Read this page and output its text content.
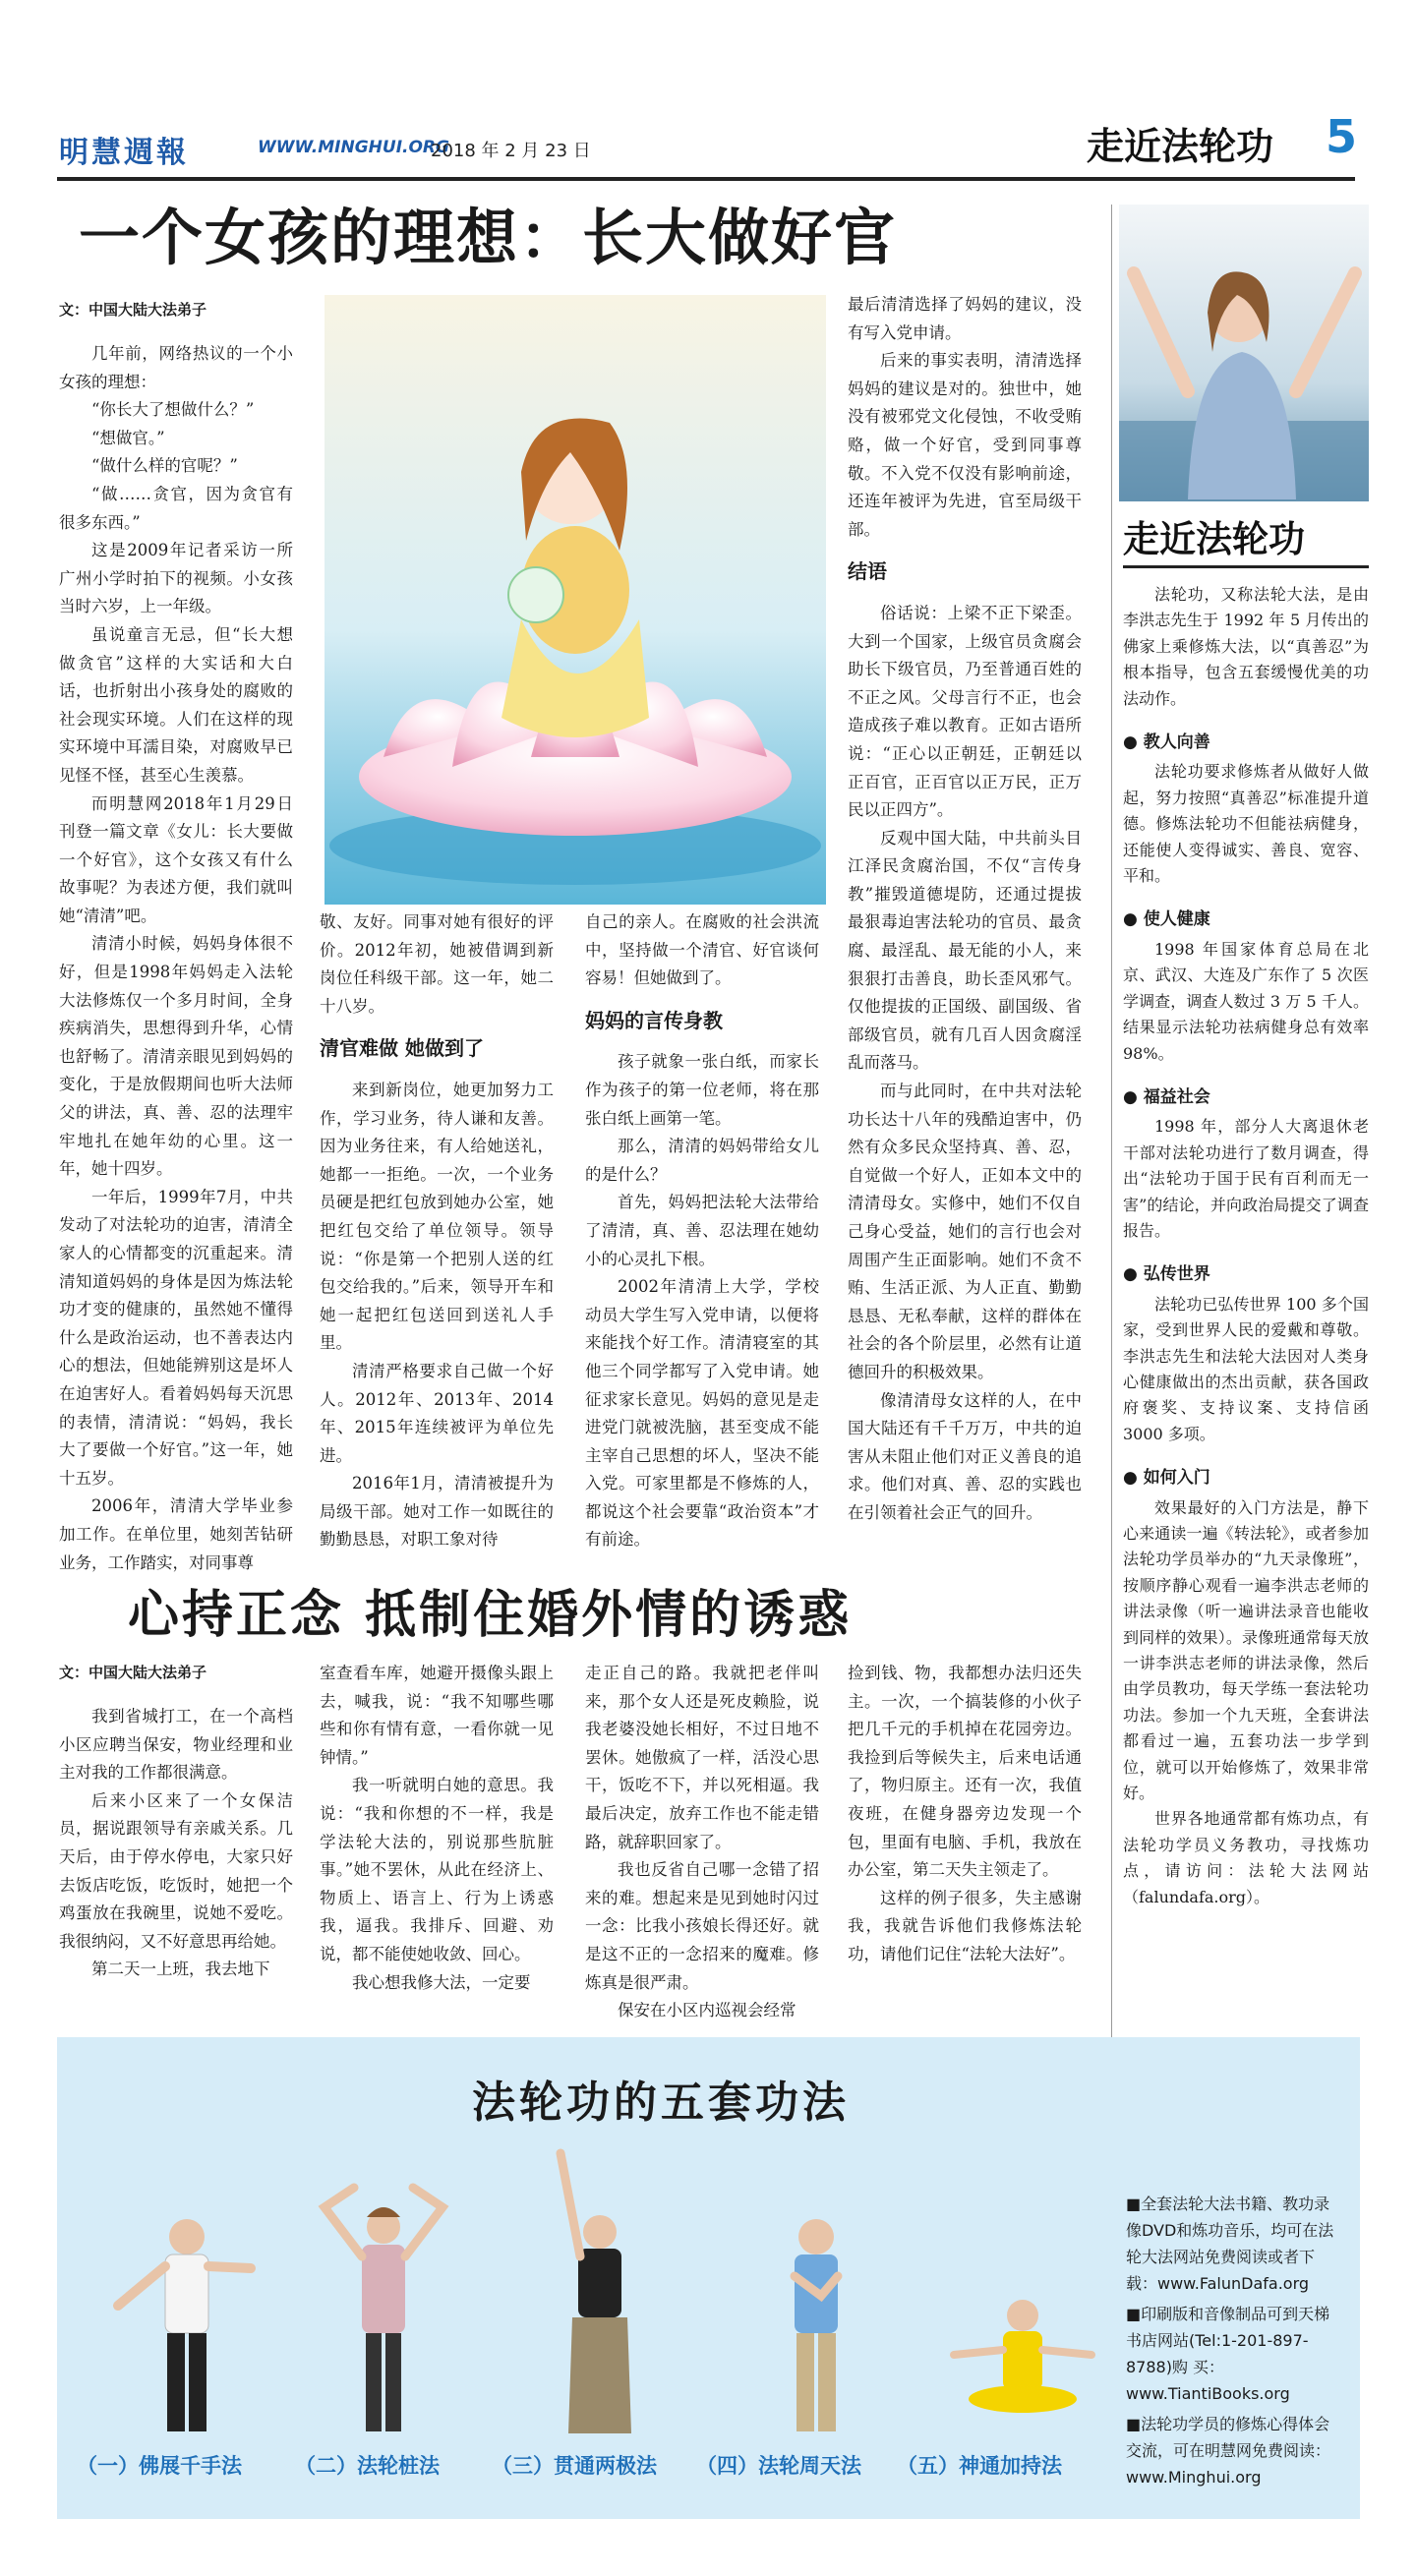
明慧週報	WWW.MINGHUI.ORG
2018 年 2 月 23 日	走近法轮功 5
一个女孩的理想：长大做好官
文：中国大陆大法弟子

几年前，网络热议的一个小女孩的理想：

“你长大了想做什么？”

“想做官。”

“做什么样的官呢？”

“做……贪官，因为贪官有很多东西。”

这是2009年记者采访一所广州小学时拍下的视频。小女孩当时六岁，上一年级。

虽说童言无忌，但“长大想做贪官”这样的大实话和大白话，也折射出小孩身处的腐败的社会现实环境。人们在这样的现实环境中耳濡目染，对腐败早已见怪不怪，甚至心生羡慕。

而明慧网2018年1月29日刊登一篇文章《女儿：长大要做一个好官》，这个女孩又有什么故事呢？为表述方便，我们就叫她“清清”吧。

清清小时候，妈妈身体很不好，但是1998年妈妈走入法轮大法修炼仅一个多月时间，全身疾病消失，思想得到升华，心情也舒畅了。清清亲眼见到妈妈的变化，于是放假期间也听大法师父的讲法，真、善、忍的法理牢牢地扎在她年幼的心里。这一年，她十四岁。

一年后，1999年7月，中共发动了对法轮功的迫害，清清全家人的心情都变的沉重起来。清清知道妈妈的身体是因为炼法轮功才变的健康的，虽然她不懂得什么是政治运动，也不善表达内心的想法，但她能辨别这是坏人在迫害好人。看着妈妈每天沉思的表情，清清说：“妈妈，我长大了要做一个好官。”这一年，她十五岁。

2006年，清清大学毕业参加工作。在单位里，她刻苦钻研业务，工作踏实，对同事尊

敬、友好。同事对她有很好的评价。2012年初，她被借调到新岗位任科级干部。这一年，她二十八岁。

清官难做 她做到了

来到新岗位，她更加努力工作，学习业务，待人谦和友善。因为业务往来，有人给她送礼，她都一一拒绝。一次，一个业务员硬是把红包放到她办公室，她把红包交给了单位领导。领导说：“你是第一个把别人送的红包交给我的。”后来，领导开车和她一起把红包送回到送礼人手里。

清清严格要求自己做一个好人。2012年、2013年、2014年、2015年连续被评为单位先进。

2016年1月，清清被提升为局级干部。她对工作一如既往的勤勤恳恳，对职工象对待

自己的亲人。在腐败的社会洪流中，坚持做一个清官、好官谈何容易！但她做到了。

妈妈的言传身教

孩子就象一张白纸，而家长作为孩子的第一位老师，将在那张白纸上画第一笔。

那么，清清的妈妈带给女儿的是什么？

首先，妈妈把法轮大法带给了清清，真、善、忍法理在她幼小的心灵扎下根。

2002年清清上大学，学校动员大学生写入党申请，以便将来能找个好工作。清清寝室的其他三个同学都写了入党申请。她征求家长意见。妈妈的意见是走进党门就被洗脑，甚至变成不能主宰自己思想的坏人，坚决不能入党。可家里都是不修炼的人，都说这个社会要靠“政治资本”才有前途。

最后清清选择了妈妈的建议，没有写入党申请。

后来的事实表明，清清选择妈妈的建议是对的。独世中，她没有被邪党文化侵蚀，不收受贿赂，做一个好官，受到同事尊敬。不入党不仅没有影响前途，还连年被评为先进，官至局级干部。

结语

俗话说：上梁不正下梁歪。大到一个国家，上级官员贪腐会助长下级官员，乃至普通百姓的不正之风。父母言行不正，也会造成孩子难以教育。正如古语所说：“正心以正朝廷，正朝廷以正百官，正百官以正万民，正万民以正四方”。

反观中国大陆，中共前头目江泽民贪腐治国，不仅“言传身教”摧毁道德堤防，还通过提拔最狠毒迫害法轮功的官员、最贪腐、最淫乱、最无能的小人，来狠狠打击善良，助长歪风邪气。仅他提拔的正国级、副国级、省部级官员，就有几百人因贪腐淫乱而落马。

而与此同时，在中共对法轮功长达十八年的残酷迫害中，仍然有众多民众坚持真、善、忍，自觉做一个好人，正如本文中的清清母女。实修中，她们不仅自己身心受益，她们的言行也会对周围产生正面影响。她们不贪不贿、生活正派、为人正直、勤勤恳恳、无私奉献，这样的群体在社会的各个阶层里，必然有让道德回升的积极效果。

像清清母女这样的人，在中国大陆还有千千万万，中共的迫害从未阻止他们对正义善良的追求。他们对真、善、忍的实践也在引领着社会正气的回升。

心持正念 抵制住婚外情的诱惑
文：中国大陆大法弟子

我到省城打工，在一个高档小区应聘当保安，物业经理和业主对我的工作都很满意。

后来小区来了一个女保洁员，据说跟领导有亲戚关系。几天后，由于停水停电，大家只好去饭店吃饭，吃饭时，她把一个鸡蛋放在我碗里，说她不爱吃。我很纳闷，又不好意思再给她。

第二天一上班，我去地下

室查看车库，她避开摄像头跟上去，喊我，说：“我不知哪些哪些和你有情有意，一看你就一见钟情。”

我一听就明白她的意思。我说：“我和你想的不一样，我是学法轮大法的，别说那些肮脏事。”她不罢休，从此在经济上、物质上、语言上、行为上诱惑我，逼我。我排斥、回避、劝说，都不能使她收敛、回心。

我心想我修大法，一定要

走正自己的路。我就把老伴叫来，那个女人还是死皮赖脸，说我老婆没她长相好，不过日地不罢休。她傲疯了一样，活没心思干，饭吃不下，并以死相逼。我最后决定，放弃工作也不能走错路，就辞职回家了。

我也反省自己哪一念错了招来的难。想起来是见到她时闪过一念：比我小孩娘长得还好。就是这不正的一念招来的魔难。修炼真是很严肃。

保安在小区内巡视会经常

捡到钱、物，我都想办法归还失主。一次，一个搞装修的小伙子把几千元的手机掉在花园旁边。我捡到后等候失主，后来电话通了，物归原主。还有一次，我值夜班，在健身器旁边发现一个包，里面有电脑、手机，我放在办公室，第二天失主领走了。

这样的例子很多，失主感谢我，我就告诉他们我修炼法轮功，请他们记住“法轮大法好”。

走近法轮功

法轮功，又称法轮大法，是由李洪志先生于 1992 年 5 月传出的佛家上乘修炼大法，以“真善忍”为根本指导，包含五套缓慢优美的功法动作。

● 教人向善

法轮功要求修炼者从做好人做起，努力按照“真善忍”标准提升道德。修炼法轮功不但能祛病健身，还能使人变得诚实、善良、宽容、平和。

● 使人健康

1998 年国家体育总局在北京、武汉、大连及广东作了 5 次医学调查，调查人数过 3 万 5 千人。结果显示法轮功祛病健身总有效率 98%。

● 福益社会

1998 年，部分人大离退休老干部对法轮功进行了数月调查，得出“法轮功于国于民有百利而无一害”的结论，并向政治局提交了调查报告。

● 弘传世界

法轮功已弘传世界 100 多个国家，受到世界人民的爱戴和尊敬。李洪志先生和法轮大法因对人类身心健康做出的杰出贡献，获各国政府褒奖、支持议案、支持信函 3000 多项。

● 如何入门

效果最好的入门方法是，静下心来通读一遍《转法轮》，或者参加法轮功学员举办的“九天录像班”，按顺序静心观看一遍李洪志老师的讲法录像（听一遍讲法录音也能收到同样的效果）。录像班通常每天放一讲李洪志老师的讲法录像，然后由学员教功，每天学练一套法轮功功法。参加一个九天班，全套讲法都看过一遍，五套功法一步学到位，就可以开始修炼了，效果非常好。

世界各地通常都有炼功点，有法轮功学员义务教功，寻找炼功点，请访问：法轮大法网站（falundafa.org）。

法轮功的五套功法
（一）佛展千手法	（二）法轮桩法	（三）贯通两极法 （四）法轮周天法 （五）神通加持法

■全套法轮大法书籍、教功录像DVD和炼功音乐，均可在法轮大法网站免费阅读或者下载：www.FalunDafa.org

■印刷版和音像制品可到天梯书店网站(Tel:1-201-897-8788)购 买：www.TiantiBooks.org

■法轮功学员的修炼心得体会交流，可在明慧网免费阅读：www.Minghui.org
